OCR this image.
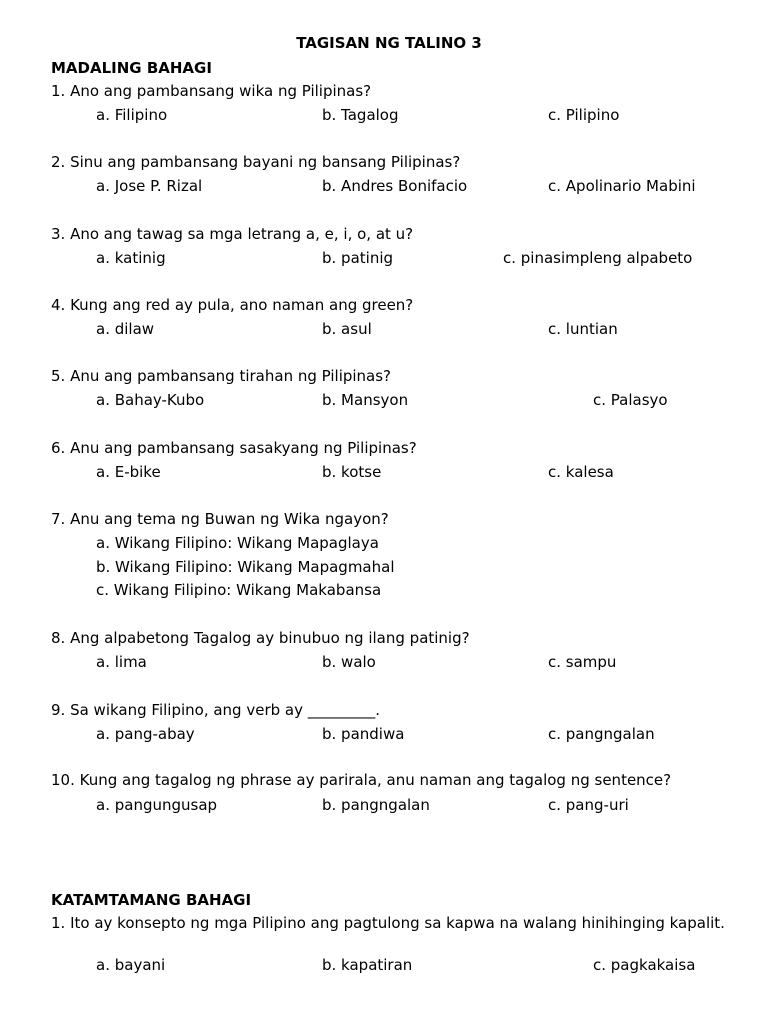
TAGISAN NG TALINO 3
MADALING BAHAGI
1. Ano ang pambansang wika ng Pilipinas?
a. Filipino	b. Tagalog	c. Pilipino
2. Sinu ang pambansang bayani ng bansang Pilipinas?
a. Jose P. Rizal	b. Andres Bonifacio	c. Apolinario Mabini
3. Ano ang tawag sa mga letrang a, e, i, o, at u?
a. katinig	b. patinig	c. pinasimpleng alpabeto
4. Kung ang red ay pula, ano naman ang green?
a. dilaw	b. asul	c. luntian
5. Anu ang pambansang tirahan ng Pilipinas?
a. Bahay-Kubo	b. Mansyon	c. Palasyo
6. Anu ang pambansang sasakyang ng Pilipinas?
a. E-bike	b. kotse	c. kalesa
7. Anu ang tema ng Buwan ng Wika ngayon?
a. Wikang Filipino: Wikang Mapaglaya
b. Wikang Filipino: Wikang Mapagmahal
c. Wikang Filipino: Wikang Makabansa
8. Ang alpabetong Tagalog ay binubuo ng ilang patinig?
a. lima	b. walo	c. sampu
9. Sa wikang Filipino, ang verb ay _________.
a. pang-abay	b. pandiwa	c. pangngalan
10. Kung ang tagalog ng phrase ay parirala, anu naman ang tagalog ng sentence?
a. pangungusap	b. pangngalan	c. pang-uri
KATAMTAMANG BAHAGI
1. Ito ay konsepto ng mga Pilipino ang pagtulong sa kapwa na walang hinihinging kapalit.
a. bayani	b. kapatiran	c. pagkakaisa
